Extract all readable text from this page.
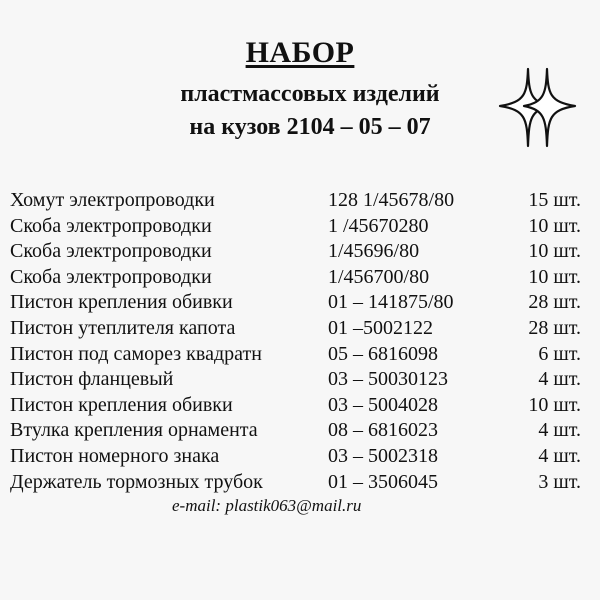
НАБОР
пластмассовых изделий
на кузов 2104 – 05 – 07
Хомут электропроводки	128 1/45678/80	15 шт.
Скоба электропроводки	1 /45670280	10 шт.
Скоба электропроводки	1/45696/80	10 шт.
Скоба электропроводки	1/456700/80	10 шт.
Пистон крепления обивки	01 – 141875/80	28 шт.
Пистон утеплителя капота	01 –5002122	28 шт.
Пистон под саморез квадратн	05 – 6816098	6 шт.
Пистон фланцевый	03 – 50030123	4 шт.
Пистон крепления обивки	03 – 5004028	10 шт.
Втулка крепления орнамента	08 – 6816023	4 шт.
Пистон номерного знака	03 – 5002318	4 шт.
Держатель тормозных трубок	01 – 3506045	3 шт.
e-mail: plastik063@mail.ru
